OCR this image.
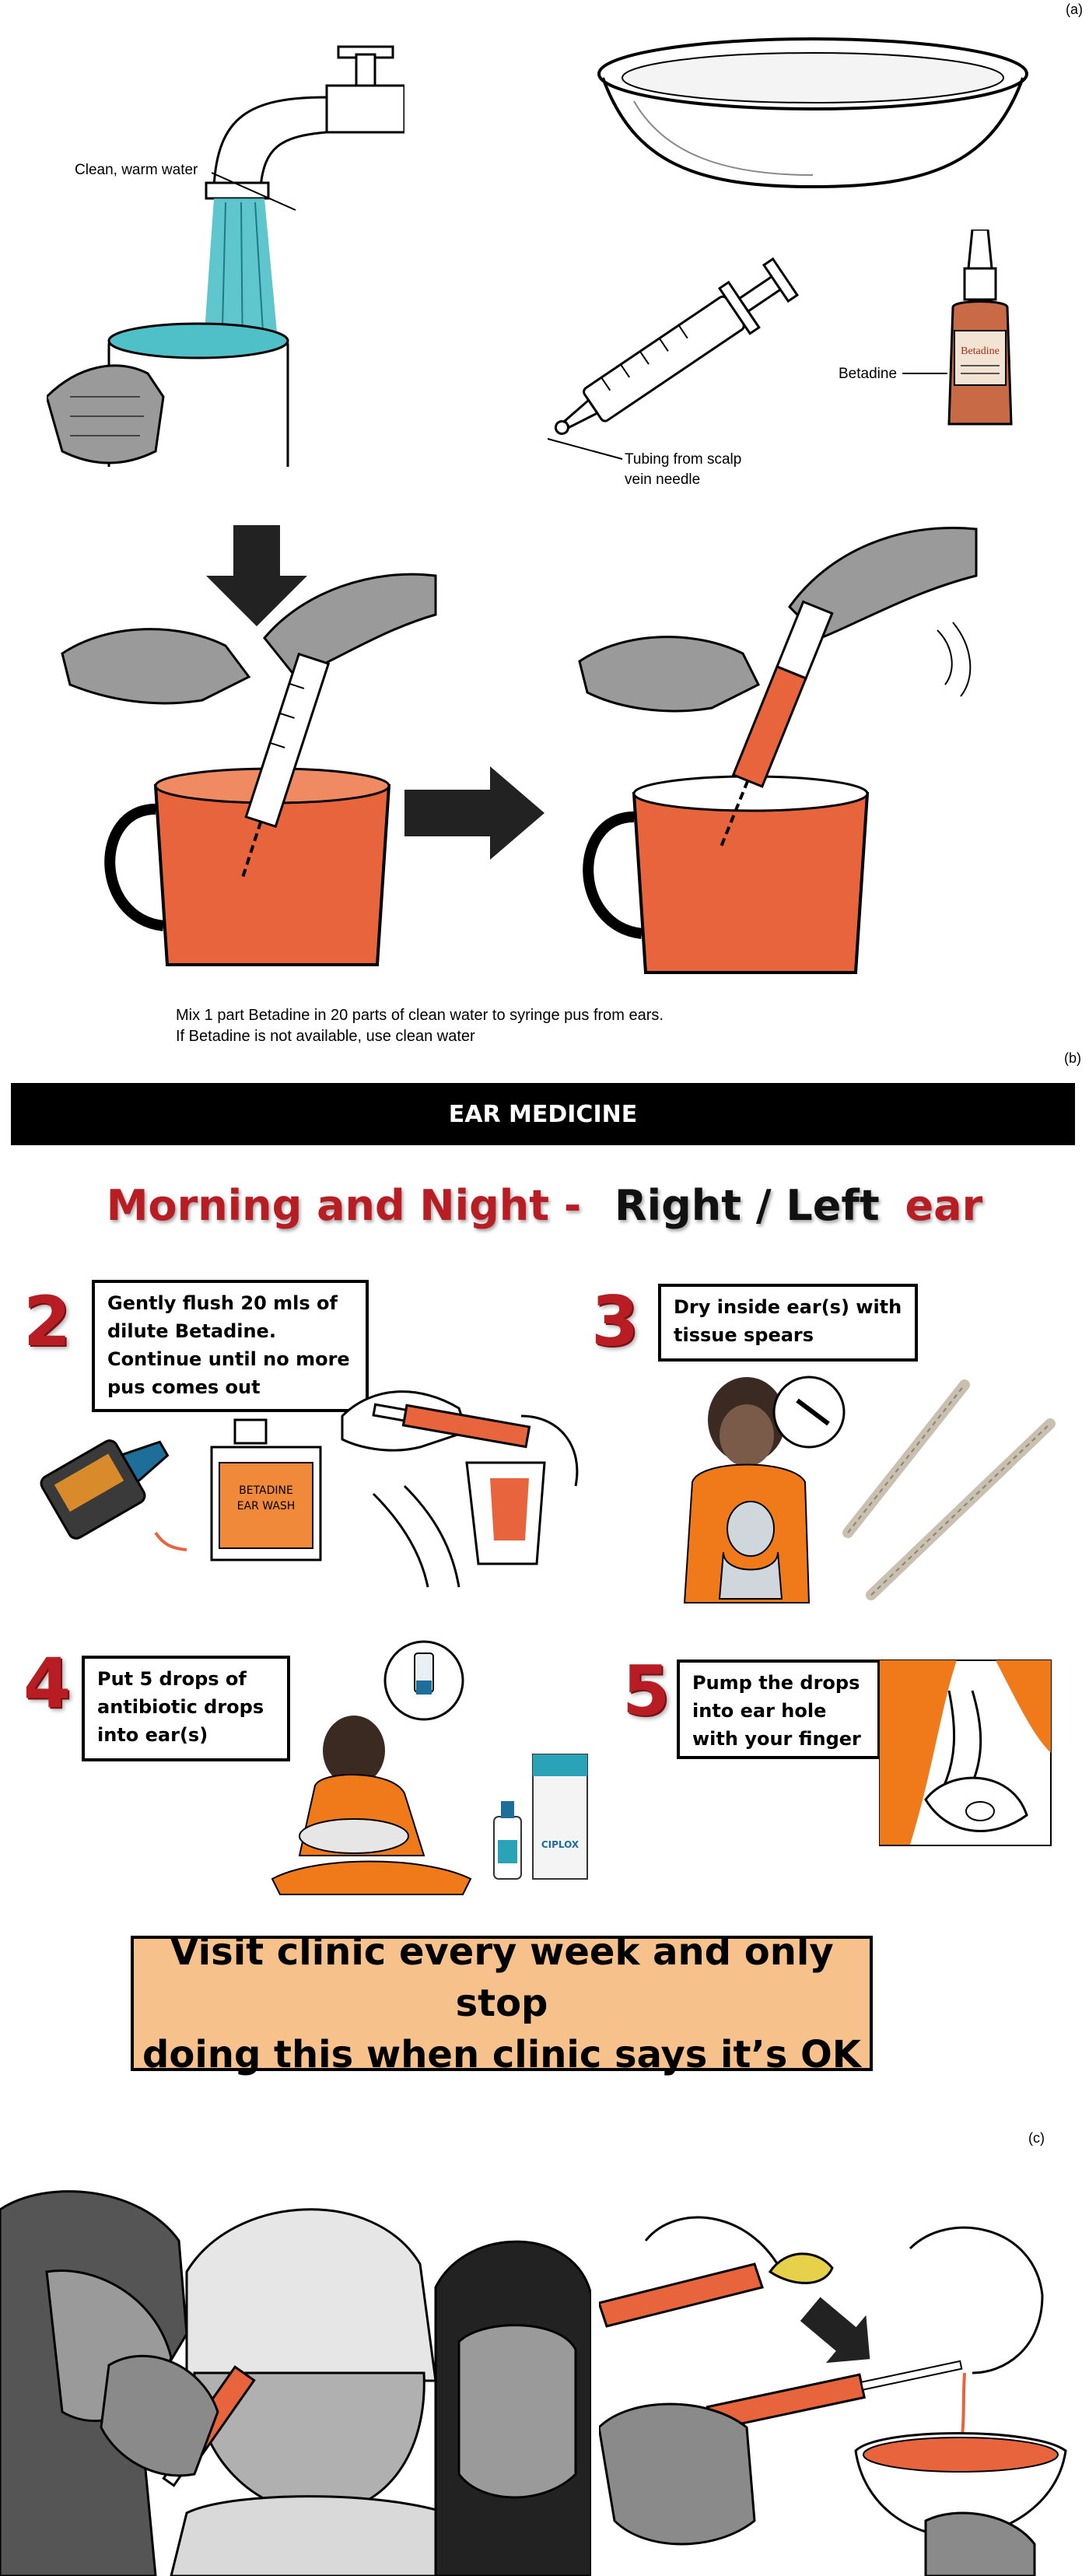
(a)
Clean, warm water
Tubing from scalp
vein needle
Betadine
Betadine
Mix 1 part Betadine in 20 parts of clean water to syringe pus from ears.
If Betadine is not available, use clean water
(b)
EAR MEDICINE
Morning and Night - Right / Left ear
2 Gently flush 20 mls of
dilute Betadine.
Continue until no more
pus comes out
BETADINE
EAR WASH
3 Dry inside ear(s) with
tissue spears
4 Put 5 drops of
antibiotic drops
into ear(s)
CIPLOX
5 Pump the drops
into ear hole
with your finger
Visit clinic every week and only stop
doing this when clinic says it’s OK
(c)
